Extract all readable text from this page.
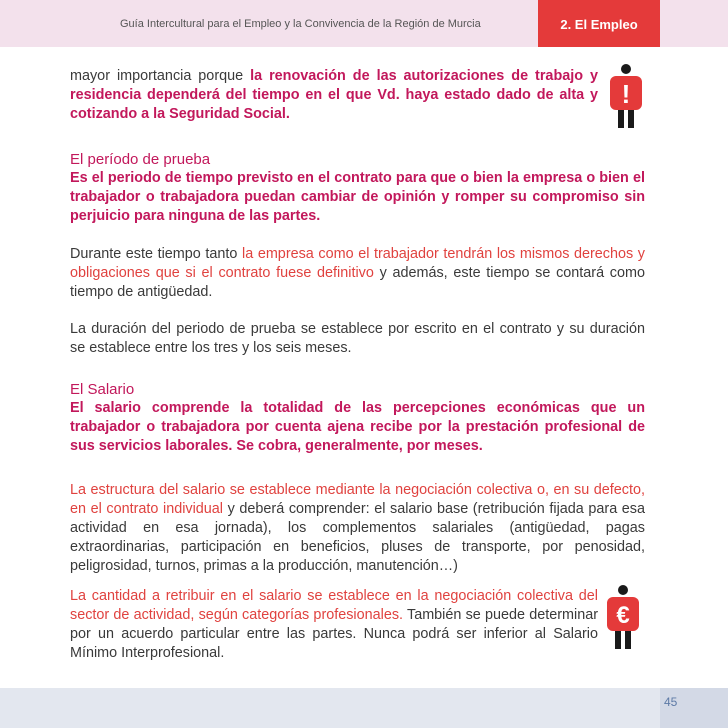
Guía Intercultural para el Empleo y la Convivencia de la Región de Murcia	2. El Empleo

mayor importancia porque la renovación de las autorizaciones de trabajo y residencia dependerá del tiempo en el que Vd. haya estado dado de alta y cotizando a la Seguridad Social.

!
El período de prueba

Es el periodo de tiempo previsto en el contrato para que o bien la empresa o bien el trabajador o trabajadora puedan cambiar de opinión y romper su compromiso sin perjuicio para ninguna de las partes.

Durante este tiempo tanto la empresa como el trabajador tendrán los mismos derechos y obligaciones que si el contrato fuese definitivo y además, este tiempo se contará como tiempo de antigüedad.

La duración del periodo de prueba se establece por escrito en el contrato y su duración se establece entre los tres y los seis meses.

El Salario

El salario comprende la totalidad de las percepciones económicas que un trabajador o trabajadora por cuenta ajena recibe por la prestación profesional de sus servicios laborales. Se cobra, generalmente, por meses.

La estructura del salario se establece mediante la negociación colectiva o, en su defecto, en el contrato individual y deberá comprender: el salario base (retribución fijada para esa actividad en esa jornada), los complementos salariales (antigüedad, pagas extraordinarias, participación en beneficios, pluses de transporte, por penosidad, peligrosidad, turnos, primas a la producción, manutención…)

La cantidad a retribuir en el salario se establece en la negociación colectiva del sector de actividad, según categorías profesionales. También se puede determinar por un acuerdo particular entre las partes. Nunca podrá ser inferior al Salario Mínimo Interprofesional.

€
45
